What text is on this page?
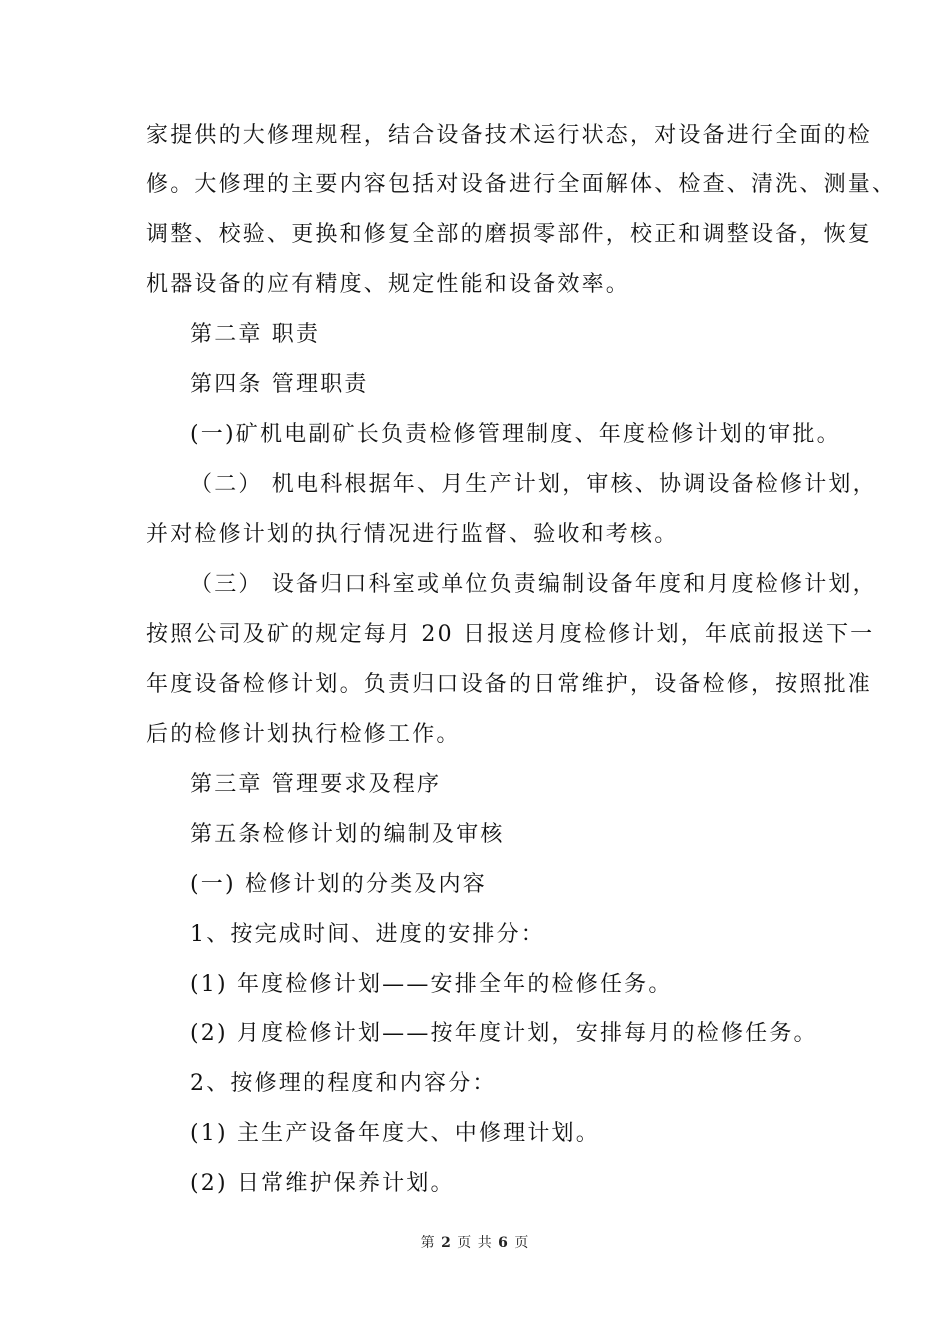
家提供的大修理规程，结合设备技术运行状态，对设备进行全面的检
修。大修理的主要内容包括对设备进行全面解体、检查、清洗、测量、
调整、校验、更换和修复全部的磨损零部件，校正和调整设备，恢复
机器设备的应有精度、规定性能和设备效率。
第二章 职责
第四条 管理职责
(一)矿机电副矿长负责检修管理制度、年度检修计划的审批。
（二） 机电科根据年、月生产计划，审核、协调设备检修计划，
并对检修计划的执行情况进行监督、验收和考核。
（三） 设备归口科室或单位负责编制设备年度和月度检修计划，
按照公司及矿的规定每月 20 日报送月度检修计划，年底前报送下一
年度设备检修计划。负责归口设备的日常维护，设备检修，按照批准
后的检修计划执行检修工作。
第三章 管理要求及程序
第五条检修计划的编制及审核
(一) 检修计划的分类及内容
1、按完成时间、进度的安排分：
(1) 年度检修计划——安排全年的检修任务。
(2) 月度检修计划——按年度计划，安排每月的检修任务。
2、按修理的程度和内容分：
(1) 主生产设备年度大、中修理计划。
(2) 日常维护保养计划。
第 2 页 共 6 页
